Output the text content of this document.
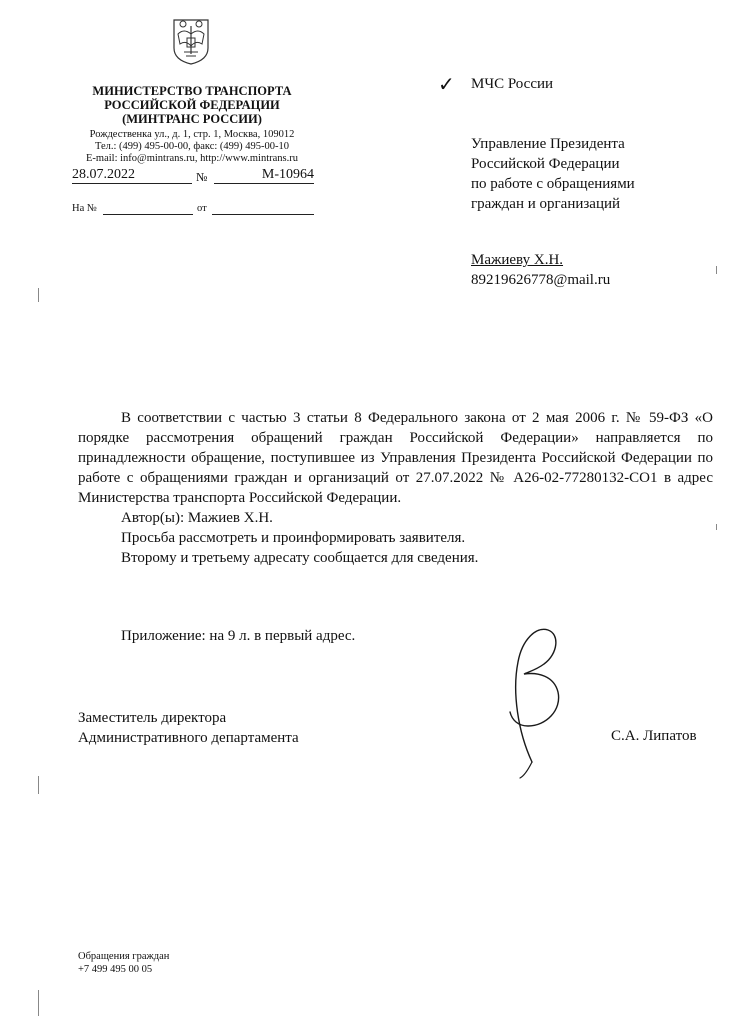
МИНИСТЕРСТВО ТРАНСПОРТА
РОССИЙСКОЙ ФЕДЕРАЦИИ
(МИНТРАНС РОССИИ)
Рождественка ул., д. 1, стр. 1, Москва, 109012
Тел.: (499) 495-00-00, факс: (499) 495-00-10
E-mail: info@mintrans.ru, http://www.mintrans.ru
28.07.2022	№	М-10964
На №	от
✓ МЧС России
Управление Президента
Российской Федерации
по работе с обращениями
граждан и организаций
Мажиеву Х.Н.
89219626778@mail.ru

В соответствии с частью 3 статьи 8 Федерального закона от 2 мая 2006 г. № 59-ФЗ «О порядке рассмотрения обращений граждан Российской Федерации» направляется по принадлежности обращение, поступившее из Управления Президента Российской Федерации по работе с обращениями граждан и организаций от 27.07.2022 № А26-02-77280132-СО1 в адрес Министерства транспорта Российской Федерации.

Автор(ы): Мажиев Х.Н.

Просьба рассмотреть и проинформировать заявителя.

Второму и третьему адресату сообщается для сведения.

Приложение: на 9 л. в первый адрес.
Заместитель директора
Административного департамента	С.А. Липатов
Обращения граждан
+7 499 495 00 05
